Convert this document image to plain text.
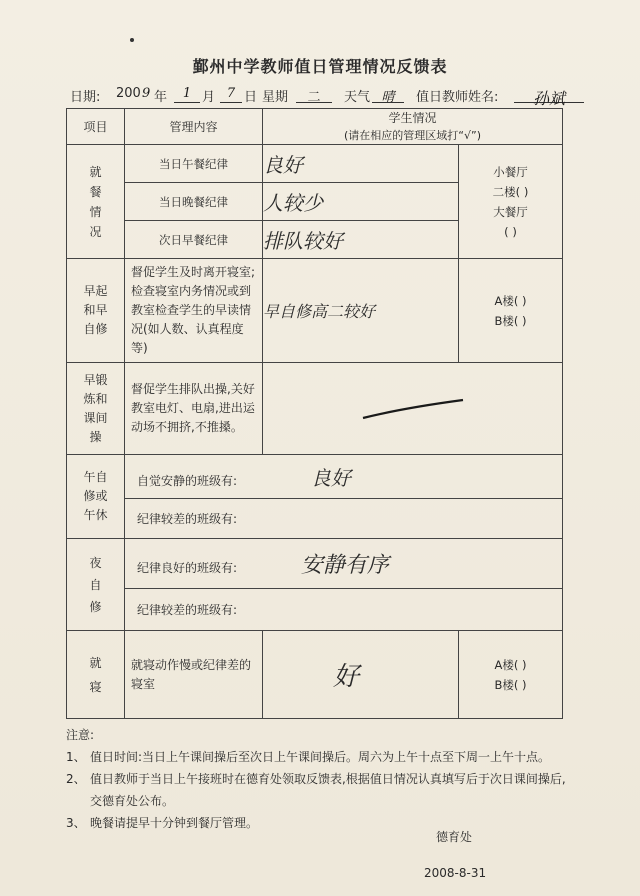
鄞州中学教师值日管理情况反馈表
日期: 200 9 年	1 月 7 日 星期	二	天气 晴	值日教师姓名:	孙斌
项目	管理内容	学生情况
(请在相应的管理区域打“√”)	

就餐情况	当日午餐纪律	良好	小餐厅
二楼( )
大餐厅
( )

	当日晚餐纪律	人较少	
	次日早餐纪律	排队较好	

早起和早自修	督促学生及时离开寝室;检查寝室内务情况或到教室检查学生的早读情况(如人数、认真程度等)	早自修高二较好	A楼( )
B楼( )

早锻炼和课间操	督促学生排队出操,关好教室电灯、电扇,进出运动场不拥挤,不推搡。	

午自修或午休	自觉安静的班级有: 良好		
	纪律较差的班级有:		

夜自修	纪律良好的班级有: 安静有序		
	纪律较差的班级有:		

就寝	就寝动作慢或纪律差的寝室	好	A楼( )
B楼( )
注意:
1、 值日时间:当日上午课间操后至次日上午课间操后。周六为上午十点至下周一上午十点。
2、 值日教师于当日上午接班时在德育处领取反馈表,根据值日情况认真填写后于次日课间操后,交德育处公布。
3、 晚餐请提早十分钟到餐厅管理。
德育处
2008-8-31
